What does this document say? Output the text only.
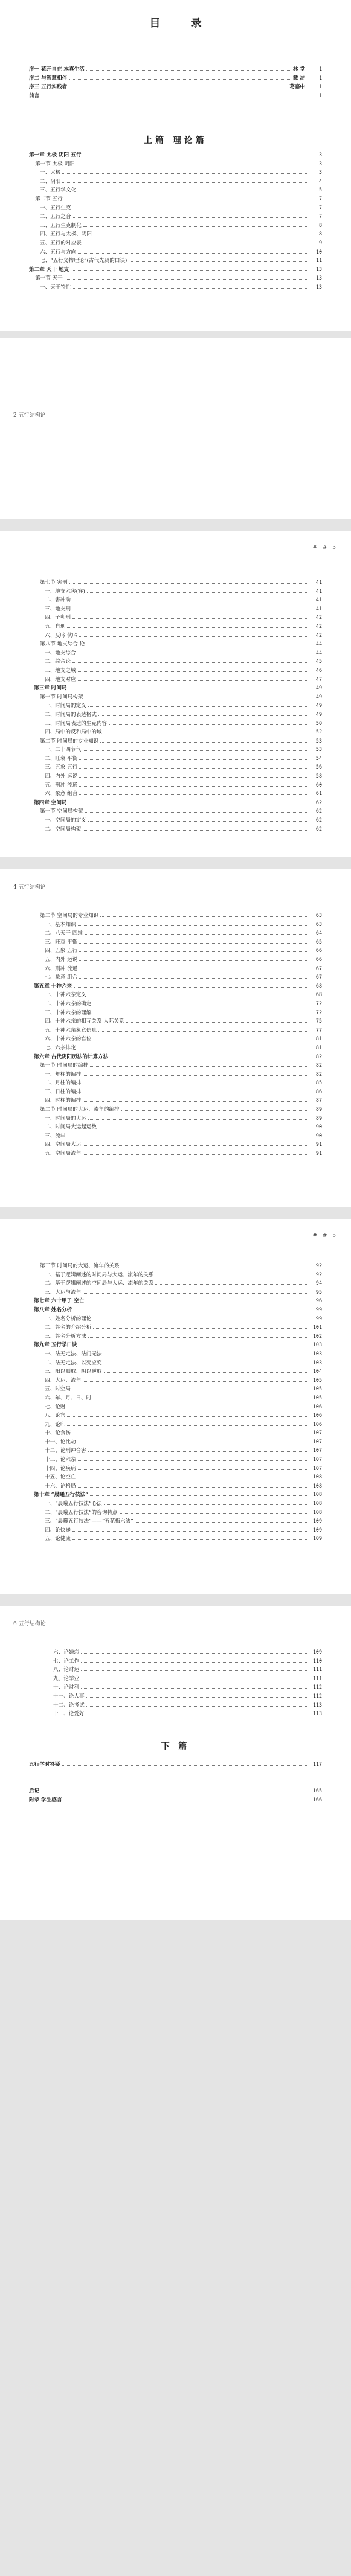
目 录
序一 花开自在 本真生活	林 堂	1
序二 与智慧相伴	戴 洁	1
序三 五行实践者	葛嘉中	1
前言	1
上篇 理论篇
第一章 太极 阴阳 五行	3
第一节 太极 阴阳	3
一、太极	3
二、阴阳	4
三、五行学文化	5
第二节 五行	7
一、五行生克	7
二、五行之合	7
三、五行生克制化	8
四、五行与太极、阴阳	8
五、五行的对应表	9
六、五行与方向	10
七、“五行义物理论”(古代先贤的口诀)	11
第二章 天干 地支	13
第一节 天干	13
一、天干特性	13
2 五行结构论
# # 3
第七节 害刑	41
一、地支六害(穿)	41
二、害冲动	41
三、地支刑	41
四、子卯刑	42
五、自刑	42
六、反吟 伏吟	42
第八节 地支综合 论	44
一、地支综合	44
二、综合论	45
三、地支之域	46
四、地支对应	47
第三章 时间局	49
第一节 时间局构架	49
一、时间局的定义	49
二、时间局的表达格式	49
三、时间局表达的生克内容	50
四、局中的反和局中的域	52
第二节 时间局的专业知识	53
一、二十四节气	53
二、旺衰 平衡	54
三、五象 五行	56
四、内外 运说	58
五、刑冲 流通	60
六、象意 组合	61
第四章 空间局	62
第一节 空间局构架	62
一、空间局的定义	62
二、空间局构架	62
4 五行结构论
第二节 空间局的专业知识	63
一、基本知识	63
二、八天干 四维	64
三、旺衰 平衡	65
四、五象 五行	66
五、内外 运说	66
六、刑冲 流通	67
七、象意 组合	67
第五章 十神六亲	68
一、十神六亲定义	68
二、十神六亲的确定	72
三、十神六亲的理解	72
四、十神六亲的相互关系 人际关系	75
五、十神六亲象意信息	77
六、十神六亲的宫位	81
七、六亲排定	81
第六章 古代阴阳历法的计算方法	82
第一节 时间局的编排	82
一、年柱的编排	82
二、月柱的编排	85
三、日柱的编排	86
四、时柱的编排	87
第二节 时间局的大运、流年的编排	89
一、时间局的大运	89
二、时间局大运起运数	90
三、流年	90
四、空间局大运	91
五、空间局流年	91
# # 5
第三节 时间局的大运、流年的关系	92
一、基于逻辑阐述的时间局与大运、流年的关系	92
二、基于逻辑阐述的空间局与大运、流年的关系	94
三、大运与流年	95
第七章 六十甲子 空亡	96
第八章 姓名分析	99
一、姓名分析的理论	99
二、姓名的介绍分析	101
三、姓名分析方法	102
第九章 五行学口诀	103
一、法无定法、法门无法	103
二、法无定法、以变应变	103
三、阳以顺取、阴以逆取	104
四、大运、流年	105
五、时空局	105
六、年、月、日、时	105
七、论财	106
八、论官	106
九、论印	106
十、论食伤	107
十一、论比劫	107
十二、论刑冲合害	107
十三、论六亲	107
十四、论疾病	107
十五、论空亡	108
十六、论格局	108
第十章 “晨曦五行技法”	108
一、“晨曦五行技法”心法	108
二、“晨曦五行技法”的咨询特点	108
三、“晨曦五行技法”——“五花梅六法”	109
四、论快递	109
五、论健康	109
6 五行结构论
六、论婚恋	109
七、论工作	110
八、论财运	111
九、论学业	111
十、论财利	112
十一、论人事	112
十二、论考试	113
十三、论爱好	113
下 篇
五行学时答疑	117
后记	165
附录 学生感言	166
